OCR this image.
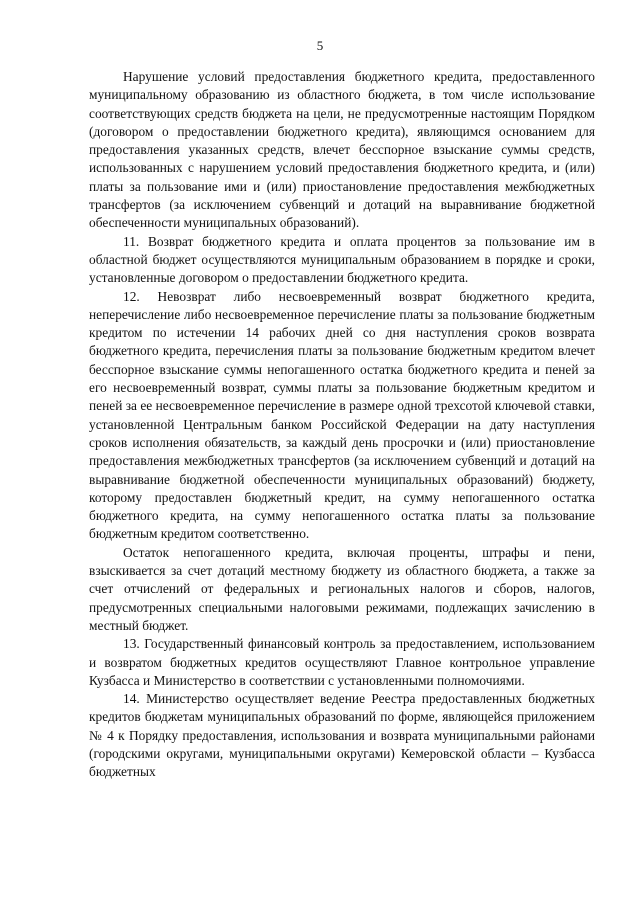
5

Нарушение условий предоставления бюджетного кредита, предоставленного муниципальному образованию из областного бюджета, в том числе использование соответствующих средств бюджета на цели, не предусмотренные настоящим Порядком (договором о предоставлении бюджетного кредита), являющимся основанием для предоставления указанных средств, влечет бесспорное взыскание суммы средств, использованных с нарушением условий предоставления бюджетного кредита, и (или) платы за пользование ими и (или) приостановление предоставления межбюджетных трансфертов (за исключением субвенций и дотаций на выравнивание бюджетной обеспеченности муниципальных образований).

11. Возврат бюджетного кредита и оплата процентов за пользование им в областной бюджет осуществляются муниципальным образованием в порядке и сроки, установленные договором о предоставлении бюджетного кредита.

12. Невозврат либо несвоевременный возврат бюджетного кредита, неперечисление либо несвоевременное перечисление платы за пользование бюджетным кредитом по истечении 14 рабочих дней со дня наступления сроков возврата бюджетного кредита, перечисления платы за пользование бюджетным кредитом влечет бесспорное взыскание суммы непогашенного остатка бюджетного кредита и пеней за его несвоевременный возврат, суммы платы за пользование бюджетным кредитом и пеней за ее несвоевременное перечисление в размере одной трехсотой ключевой ставки, установленной Центральным банком Российской Федерации на дату наступления сроков исполнения обязательств, за каждый день просрочки и (или) приостановление предоставления межбюджетных трансфертов (за исключением субвенций и дотаций на выравнивание бюджетной обеспеченности муниципальных образований) бюджету, которому предоставлен бюджетный кредит, на сумму непогашенного остатка бюджетного кредита, на сумму непогашенного остатка платы за пользование бюджетным кредитом соответственно.

Остаток непогашенного кредита, включая проценты, штрафы и пени, взыскивается за счет дотаций местному бюджету из областного бюджета, а также за счет отчислений от федеральных и региональных налогов и сборов, налогов, предусмотренных специальными налоговыми режимами, подлежащих зачислению в местный бюджет.

13. Государственный финансовый контроль за предоставлением, использованием и возвратом бюджетных кредитов осуществляют Главное контрольное управление Кузбасса и Министерство в соответствии с установленными полномочиями.

14. Министерство осуществляет ведение Реестра предоставленных бюджетных кредитов бюджетам муниципальных образований по форме, являющейся приложением № 4 к Порядку предоставления, использования и возврата муниципальными районами (городскими округами, муниципальными округами) Кемеровской области – Кузбасса бюджетных
